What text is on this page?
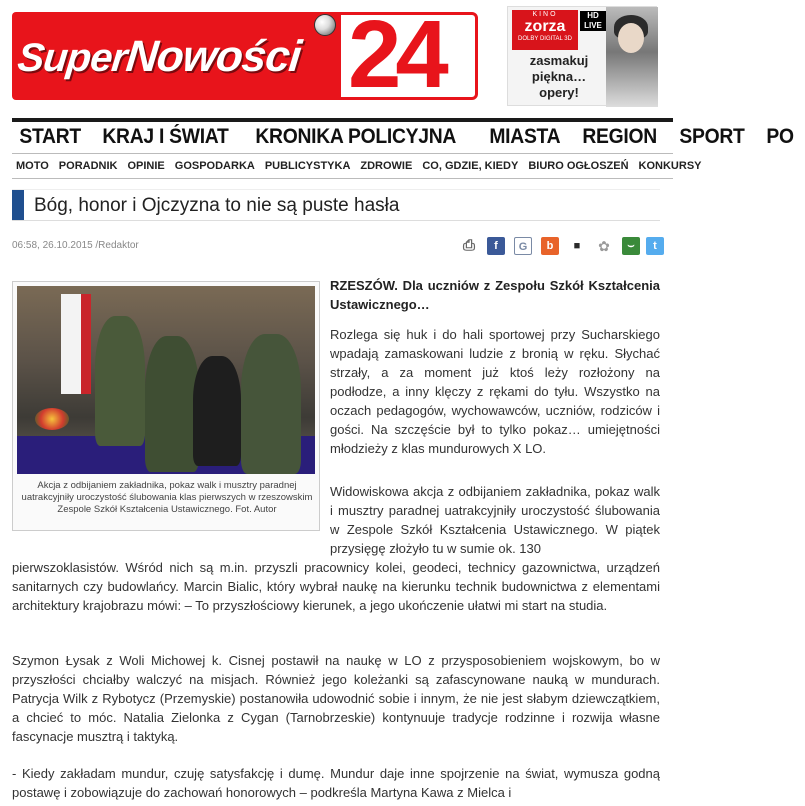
SuperNowości 24	KINO
zorza
DOLBY DIGITAL 3D
HD
LIVE
zasmakuj
piękna…
opery!
START KRAJ I ŚWIAT KRONIKA POLICYJNA MIASTA REGION SPORT PO
MOTO PORADNIK OPINIE GOSPODARKA PUBLICYSTYKA ZDROWIE CO, GDZIE, KIEDY BIURO OGŁOSZEŃ KONKURSY
Bóg, honor i Ojczyzna to nie są puste hasła
06:58, 26.10.2015 /Redaktor	⎙	f	G	b	■	✿	⌣	t
Akcja z odbijaniem zakładnika, pokaz walk i musztry paradnej uatrakcyjniły uroczystość ślubowania klas pierwszych w rzeszowskim Zespole Szkół Kształcenia Ustawicznego. Fot. Autor
RZESZÓW. Dla uczniów z Zespołu Szkół Kształcenia Ustawicznego…
Rozlega się huk i do hali sportowej przy Sucharskiego wpadają zamaskowani ludzie z bronią w ręku. Słychać strzały, a za moment już ktoś leży rozłożony na podłodze, a inny klęczy z rękami do tyłu. Wszystko na oczach pedagogów, wychowawców, uczniów, rodziców i gości. Na szczęście był to tylko pokaz… umiejętności młodzieży z klas mundurowych X LO.
Widowiskowa akcja z odbijaniem zakładnika, pokaz walk i musztry paradnej uatrakcyjniły uroczystość ślubowania w Zespole Szkół Kształcenia Ustawicznego. W piątek przysięgę złożyło tu w sumie ok. 130
pierwszoklasistów. Wśród nich są m.in. przyszli pracownicy kolei, geodeci, technicy gazownictwa, urządzeń sanitarnych czy budowlańcy. Marcin Bialic, który wybrał naukę na kierunku technik budownictwa z elementami architektury krajobrazu mówi: – To przyszłościowy kierunek, a jego ukończenie ułatwi mi start na studia.
Szymon Łysak z Woli Michowej k. Cisnej postawił na naukę w LO z przysposobieniem wojskowym, bo w przyszłości chciałby walczyć na misjach. Również jego koleżanki są zafascynowane nauką w mundurach. Patrycja Wilk z Rybotycz (Przemyskie) postanowiła udowodnić sobie i innym, że nie jest słabym dziewczątkiem, a chcieć to móc. Natalia Zielonka z Cygan (Tarnobrzeskie) kontynuuje tradycje rodzinne i rozwija własne fascynacje musztrą i taktyką.
- Kiedy zakładam mundur, czuję satysfakcję i dumę. Mundur daje inne spojrzenie na świat, wymusza godną postawę i zobowiązuje do zachowań honorowych – podkreśla Martyna Kawa z Mielca i
